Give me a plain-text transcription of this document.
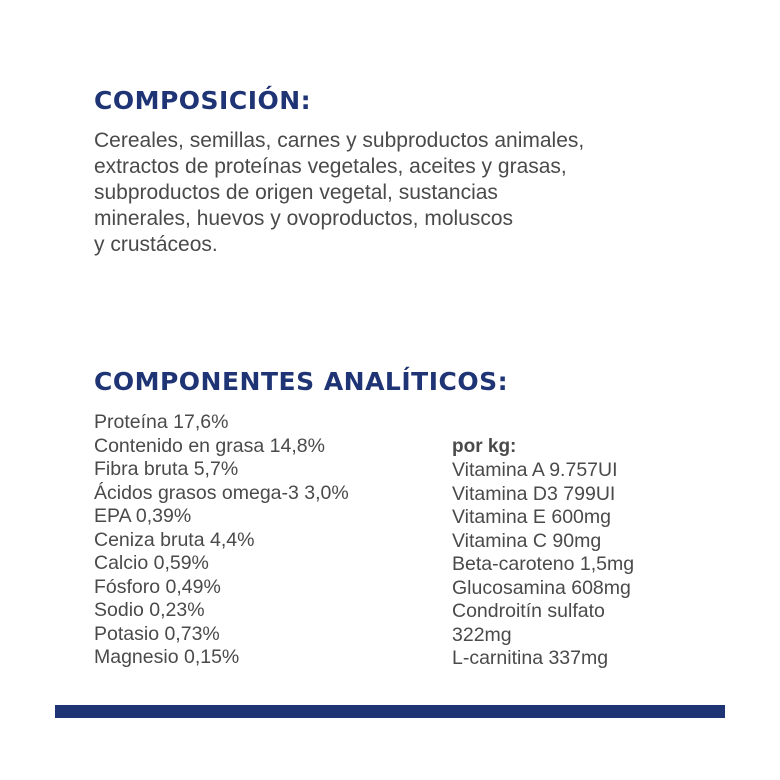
COMPOSICIÓN:
Cereales, semillas, carnes y subproductos animales,
extractos de proteínas vegetales, aceites y grasas,
subproductos de origen vegetal, sustancias
minerales, huevos y ovoproductos, moluscos
y crustáceos.
COMPONENTES ANALÍTICOS:
Proteína 17,6%
Contenido en grasa 14,8%
Fibra bruta 5,7%
Ácidos grasos omega-3 3,0%
EPA 0,39%
Ceniza bruta 4,4%
Calcio 0,59%
Fósforo 0,49%
Sodio 0,23%
Potasio 0,73%
Magnesio 0,15%
por kg:
Vitamina A 9.757UI
Vitamina D3 799UI
Vitamina E 600mg
Vitamina C 90mg
Beta-caroteno 1,5mg
Glucosamina 608mg
Condroitín sulfato
322mg
L-carnitina 337mg
